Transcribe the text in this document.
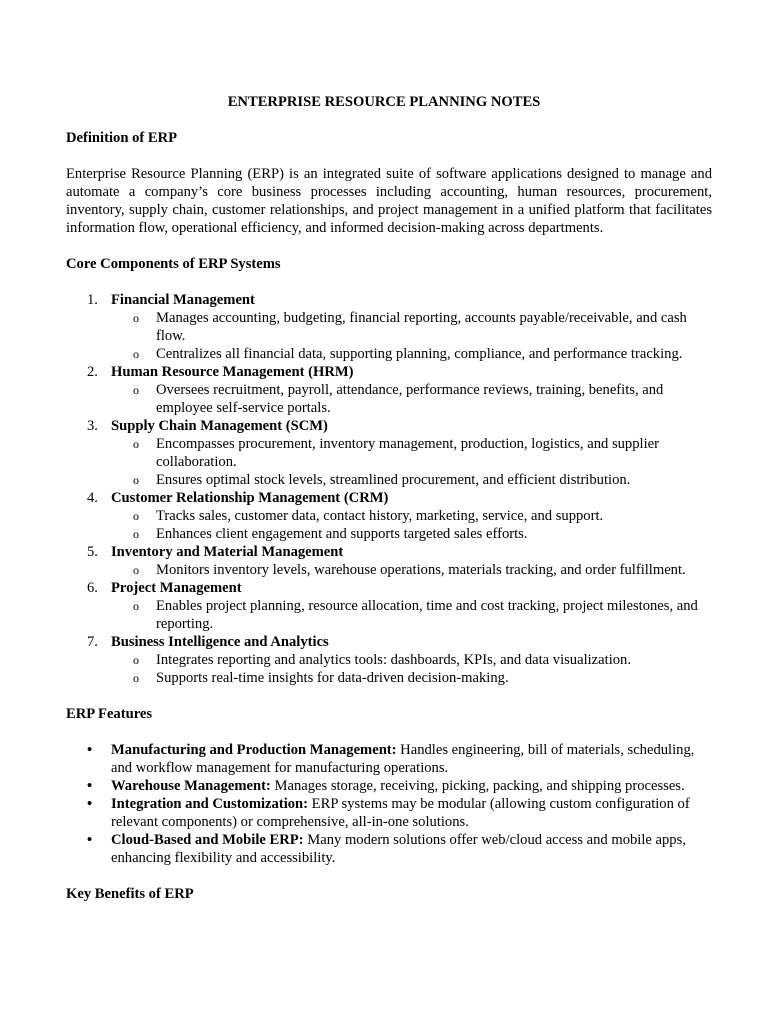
ENTERPRISE RESOURCE PLANNING NOTES
Definition of ERP
Enterprise Resource Planning (ERP) is an integrated suite of software applications designed to manage and automate a company’s core business processes including accounting, human resources, procurement, inventory, supply chain, customer relationships, and project management in a unified platform that facilitates information flow, operational efficiency, and informed decision-making across departments.
Core Components of ERP Systems
1. Financial Management
o Manages accounting, budgeting, financial reporting, accounts payable/receivable, and cash flow.
o Centralizes all financial data, supporting planning, compliance, and performance tracking.
2. Human Resource Management (HRM)
o Oversees recruitment, payroll, attendance, performance reviews, training, benefits, and employee self-service portals.
3. Supply Chain Management (SCM)
o Encompasses procurement, inventory management, production, logistics, and supplier collaboration.
o Ensures optimal stock levels, streamlined procurement, and efficient distribution.
4. Customer Relationship Management (CRM)
o Tracks sales, customer data, contact history, marketing, service, and support.
o Enhances client engagement and supports targeted sales efforts.
5. Inventory and Material Management
o Monitors inventory levels, warehouse operations, materials tracking, and order fulfillment.
6. Project Management
o Enables project planning, resource allocation, time and cost tracking, project milestones, and reporting.
7. Business Intelligence and Analytics
o Integrates reporting and analytics tools: dashboards, KPIs, and data visualization.
o Supports real-time insights for data-driven decision-making.
ERP Features
• Manufacturing and Production Management: Handles engineering, bill of materials, scheduling, and workflow management for manufacturing operations.
• Warehouse Management: Manages storage, receiving, picking, packing, and shipping processes.
• Integration and Customization: ERP systems may be modular (allowing custom configuration of relevant components) or comprehensive, all-in-one solutions.
• Cloud-Based and Mobile ERP: Many modern solutions offer web/cloud access and mobile apps, enhancing flexibility and accessibility.
Key Benefits of ERP
